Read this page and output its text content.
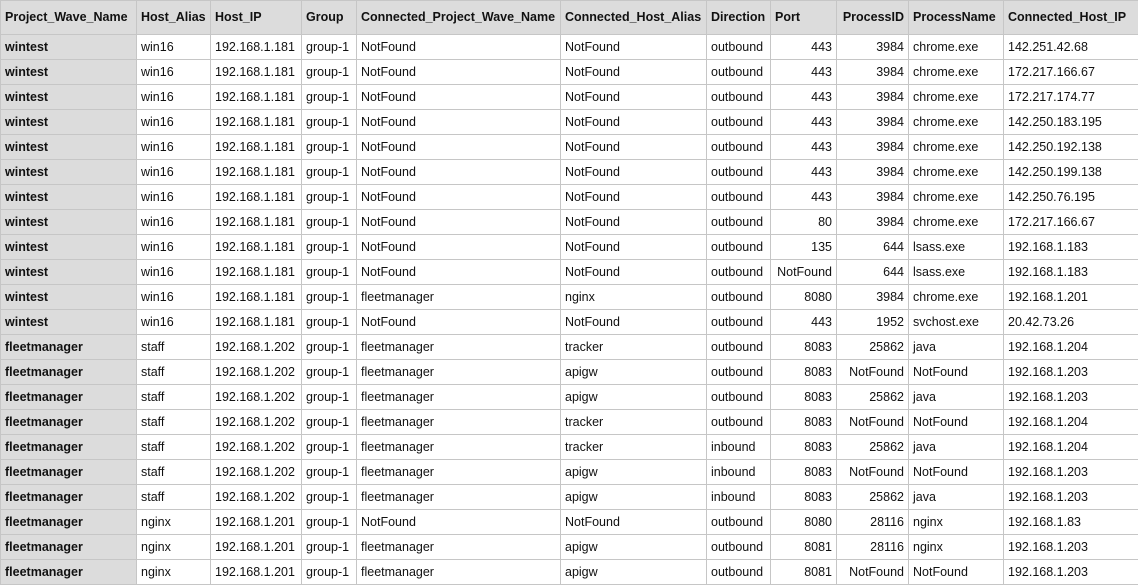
Project_Wave_Name	Host_Alias	Host_IP	Group	Connected_Project_Wave_Name	Connected_Host_Alias	Direction	Port	ProcessID	ProcessName	Connected_Host_IP
wintest	win16	192.168.1.181	group-1	NotFound	NotFound	outbound	443	3984	chrome.exe	142.251.42.68
wintest	win16	192.168.1.181	group-1	NotFound	NotFound	outbound	443	3984	chrome.exe	172.217.166.67
wintest	win16	192.168.1.181	group-1	NotFound	NotFound	outbound	443	3984	chrome.exe	172.217.174.77
wintest	win16	192.168.1.181	group-1	NotFound	NotFound	outbound	443	3984	chrome.exe	142.250.183.195
wintest	win16	192.168.1.181	group-1	NotFound	NotFound	outbound	443	3984	chrome.exe	142.250.192.138
wintest	win16	192.168.1.181	group-1	NotFound	NotFound	outbound	443	3984	chrome.exe	142.250.199.138
wintest	win16	192.168.1.181	group-1	NotFound	NotFound	outbound	443	3984	chrome.exe	142.250.76.195
wintest	win16	192.168.1.181	group-1	NotFound	NotFound	outbound	80	3984	chrome.exe	172.217.166.67
wintest	win16	192.168.1.181	group-1	NotFound	NotFound	outbound	135	644	lsass.exe	192.168.1.183
wintest	win16	192.168.1.181	group-1	NotFound	NotFound	outbound	NotFound	644	lsass.exe	192.168.1.183
wintest	win16	192.168.1.181	group-1	fleetmanager	nginx	outbound	8080	3984	chrome.exe	192.168.1.201
wintest	win16	192.168.1.181	group-1	NotFound	NotFound	outbound	443	1952	svchost.exe	20.42.73.26
fleetmanager	staff	192.168.1.202	group-1	fleetmanager	tracker	outbound	8083	25862	java	192.168.1.204
fleetmanager	staff	192.168.1.202	group-1	fleetmanager	apigw	outbound	8083	NotFound	NotFound	192.168.1.203
fleetmanager	staff	192.168.1.202	group-1	fleetmanager	apigw	outbound	8083	25862	java	192.168.1.203
fleetmanager	staff	192.168.1.202	group-1	fleetmanager	tracker	outbound	8083	NotFound	NotFound	192.168.1.204
fleetmanager	staff	192.168.1.202	group-1	fleetmanager	tracker	inbound	8083	25862	java	192.168.1.204
fleetmanager	staff	192.168.1.202	group-1	fleetmanager	apigw	inbound	8083	NotFound	NotFound	192.168.1.203
fleetmanager	staff	192.168.1.202	group-1	fleetmanager	apigw	inbound	8083	25862	java	192.168.1.203
fleetmanager	nginx	192.168.1.201	group-1	NotFound	NotFound	outbound	8080	28116	nginx	192.168.1.83
fleetmanager	nginx	192.168.1.201	group-1	fleetmanager	apigw	outbound	8081	28116	nginx	192.168.1.203
fleetmanager	nginx	192.168.1.201	group-1	fleetmanager	apigw	outbound	8081	NotFound	NotFound	192.168.1.203
